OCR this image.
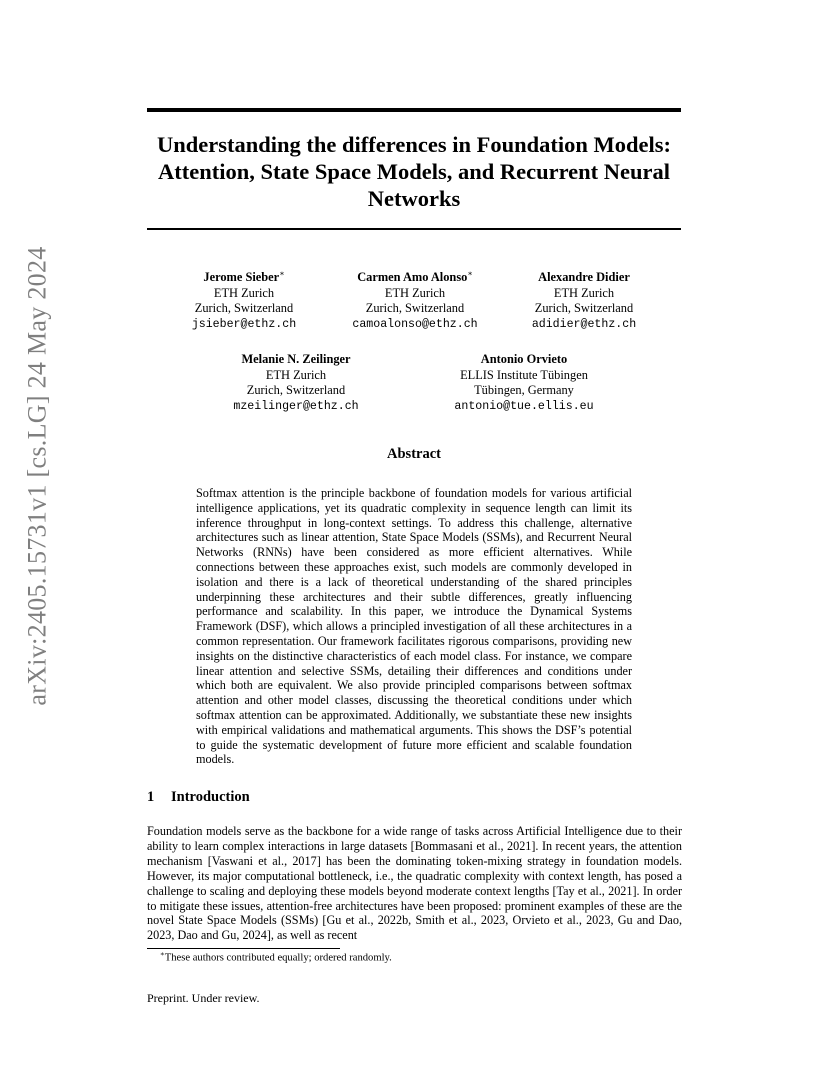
arXiv:2405.15731v1 [cs.LG] 24 May 2024
Understanding the differences in Foundation Models: Attention, State Space Models, and Recurrent Neural Networks
Jerome Sieber∗
ETH Zurich
Zurich, Switzerland
jsieber@ethz.ch
Carmen Amo Alonso∗
ETH Zurich
Zurich, Switzerland
camoalonso@ethz.ch
Alexandre Didier
ETH Zurich
Zurich, Switzerland
adidier@ethz.ch
Melanie N. Zeilinger
ETH Zurich
Zurich, Switzerland
mzeilinger@ethz.ch
Antonio Orvieto
ELLIS Institute Tübingen
Tübingen, Germany
antonio@tue.ellis.eu
Abstract
Softmax attention is the principle backbone of foundation models for various artificial intelligence applications, yet its quadratic complexity in sequence length can limit its inference throughput in long-context settings. To address this challenge, alternative architectures such as linear attention, State Space Models (SSMs), and Recurrent Neural Networks (RNNs) have been considered as more efficient alternatives. While connections between these approaches exist, such models are commonly developed in isolation and there is a lack of theoretical understanding of the shared principles underpinning these architectures and their subtle differences, greatly influencing performance and scalability. In this paper, we introduce the Dynamical Systems Framework (DSF), which allows a principled investigation of all these architectures in a common representation. Our framework facilitates rigorous comparisons, providing new insights on the distinctive characteristics of each model class. For instance, we compare linear attention and selective SSMs, detailing their differences and conditions under which both are equivalent. We also provide principled comparisons between softmax attention and other model classes, discussing the theoretical conditions under which softmax attention can be approximated. Additionally, we substantiate these new insights with empirical validations and mathematical arguments. This shows the DSF’s potential to guide the systematic development of future more efficient and scalable foundation models.
1 Introduction
Foundation models serve as the backbone for a wide range of tasks across Artificial Intelligence due to their ability to learn complex interactions in large datasets [Bommasani et al., 2021]. In recent years, the attention mechanism [Vaswani et al., 2017] has been the dominating token-mixing strategy in foundation models. However, its major computational bottleneck, i.e., the quadratic complexity with context length, has posed a challenge to scaling and deploying these models beyond moderate context lengths [Tay et al., 2021]. In order to mitigate these issues, attention-free architectures have been proposed: prominent examples of these are the novel State Space Models (SSMs) [Gu et al., 2022b, Smith et al., 2023, Orvieto et al., 2023, Gu and Dao, 2023, Dao and Gu, 2024], as well as recent
∗These authors contributed equally; ordered randomly.
Preprint. Under review.
